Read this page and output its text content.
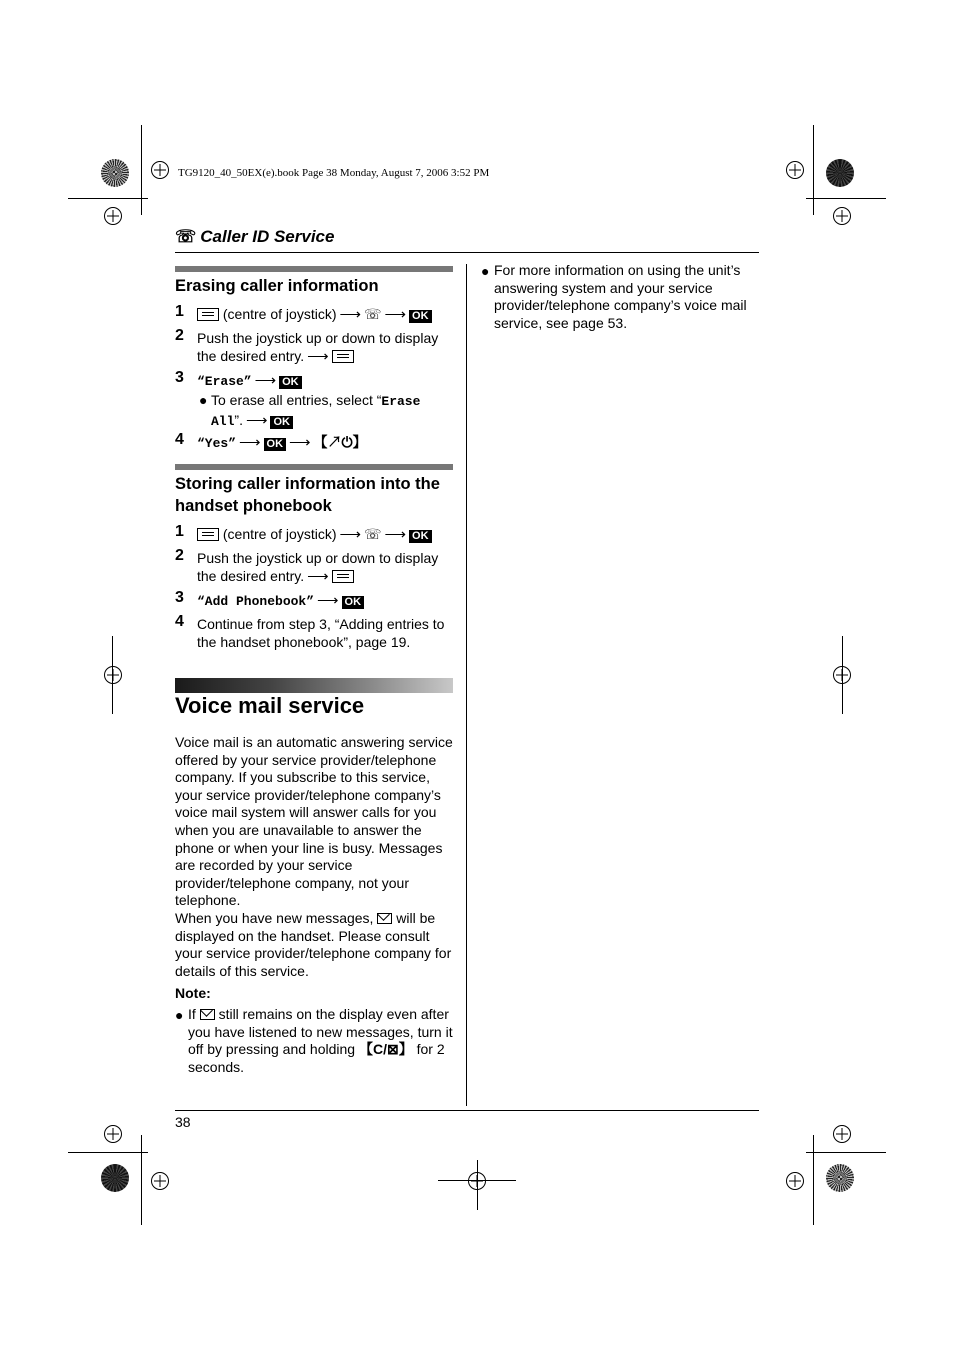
TG9120_40_50EX(e).book Page 38 Monday, August 7, 2006 3:52 PM
☏ Caller ID Service
Erasing caller information
1	(centre of joystick) ⟶ ☏ ⟶ OK
2 Push the joystick up or down to display the desired entry. ⟶
3 “Erase” ⟶ OK
● To erase all entries, select “Erase All”. ⟶ OK
4 “Yes” ⟶ OK ⟶ 【↗⏻】
Storing caller information into the handset phonebook
1	(centre of joystick) ⟶ ☏ ⟶ OK
2 Push the joystick up or down to display the desired entry. ⟶
3 “Add Phonebook” ⟶ OK
4 Continue from step 3, “Adding entries to the handset phonebook”, page 19.
Voice mail service
Voice mail is an automatic answering service offered by your service provider/telephone company. If you subscribe to this service, your service provider/telephone company’s voice mail system will answer calls for you when you are unavailable to answer the phone or when your line is busy. Messages are recorded by your service provider/telephone company, not your telephone.
When you have new messages, will be displayed on the handset. Please consult your service provider/telephone company for details of this service.
Note:
● If still remains on the display even after you have listened to new messages, turn it off by pressing and holding 【C/⊠】 for 2 seconds.
● For more information on using the unit’s answering system and your service provider/telephone company’s voice mail service, see page 53.
38
